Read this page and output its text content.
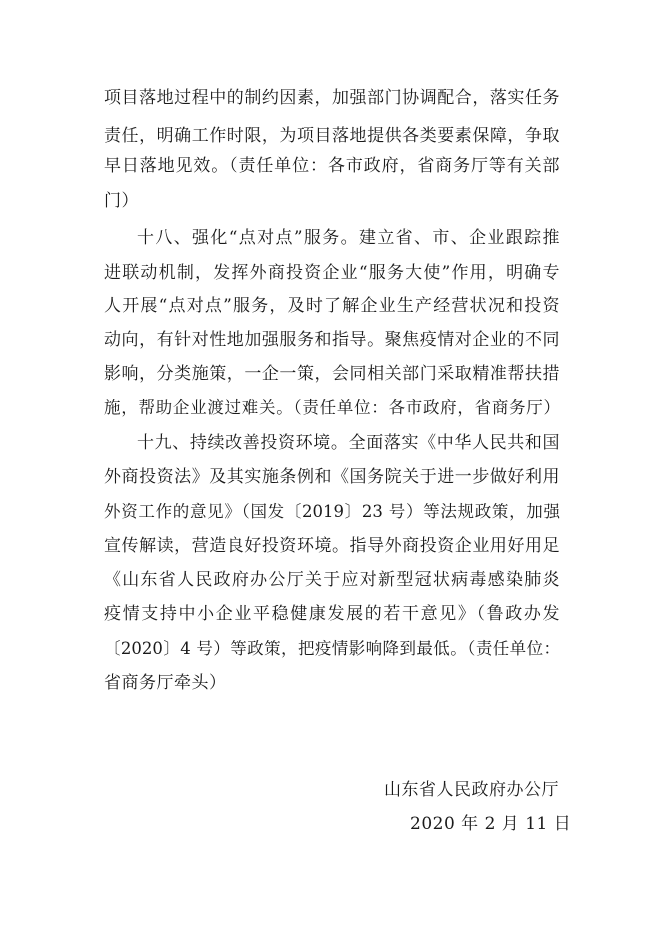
项目落地过程中的制约因素，加强部门协调配合，落实任务
责任，明确工作时限，为项目落地提供各类要素保障，争取
早日落地见效。（责任单位：各市政府，省商务厅等有关部
门）
十八、强化“点对点”服务。建立省、市、企业跟踪推
进联动机制，发挥外商投资企业“服务大使”作用，明确专
人开展“点对点”服务，及时了解企业生产经营状况和投资
动向，有针对性地加强服务和指导。聚焦疫情对企业的不同
影响，分类施策，一企一策，会同相关部门采取精准帮扶措
施，帮助企业渡过难关。（责任单位：各市政府，省商务厅）
十九、持续改善投资环境。全面落实《中华人民共和国
外商投资法》及其实施条例和《国务院关于进一步做好利用
外资工作的意见》（国发〔2019〕23 号）等法规政策，加强
宣传解读，营造良好投资环境。指导外商投资企业用好用足
《山东省人民政府办公厅关于应对新型冠状病毒感染肺炎
疫情支持中小企业平稳健康发展的若干意见》（鲁政办发
〔2020〕4 号）等政策，把疫情影响降到最低。（责任单位：
省商务厅牵头）
山东省人民政府办公厅
2020 年 2 月 11 日
